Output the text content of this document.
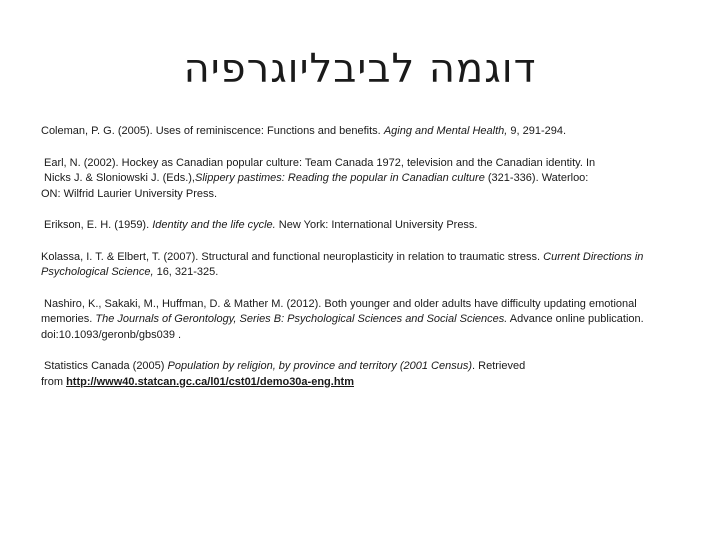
דוגמה לביבליוגרפיה

Coleman, P. G. (2005). Uses of reminiscence: Functions and benefits. Aging and Mental Health, 9, 291-294.

Earl, N. (2002). Hockey as Canadian popular culture: Team Canada 1972, television and the Canadian identity. In
Nicks J. & Sloniowski J. (Eds.),Slippery pastimes: Reading the popular in Canadian culture (321-336). Waterloo:
ON: Wilfrid Laurier University Press.

Erikson, E. H. (1959). Identity and the life cycle. New York: International University Press.

Kolassa, I. T. & Elbert, T. (2007). Structural and functional neuroplasticity in relation to traumatic stress. Current Directions in Psychological Science, 16, 321-325.

Nashiro, K., Sakaki, M., Huffman, D. & Mather M. (2012). Both younger and older adults have difficulty updating emotional memories. The Journals of Gerontology, Series B: Psychological Sciences and Social Sciences. Advance online publication. doi:10.1093/geronb/gbs039 .

Statistics Canada (2005) Population by religion, by province and territory (2001 Census). Retrieved
from http://www40.statcan.gc.ca/l01/cst01/demo30a-eng.htm
